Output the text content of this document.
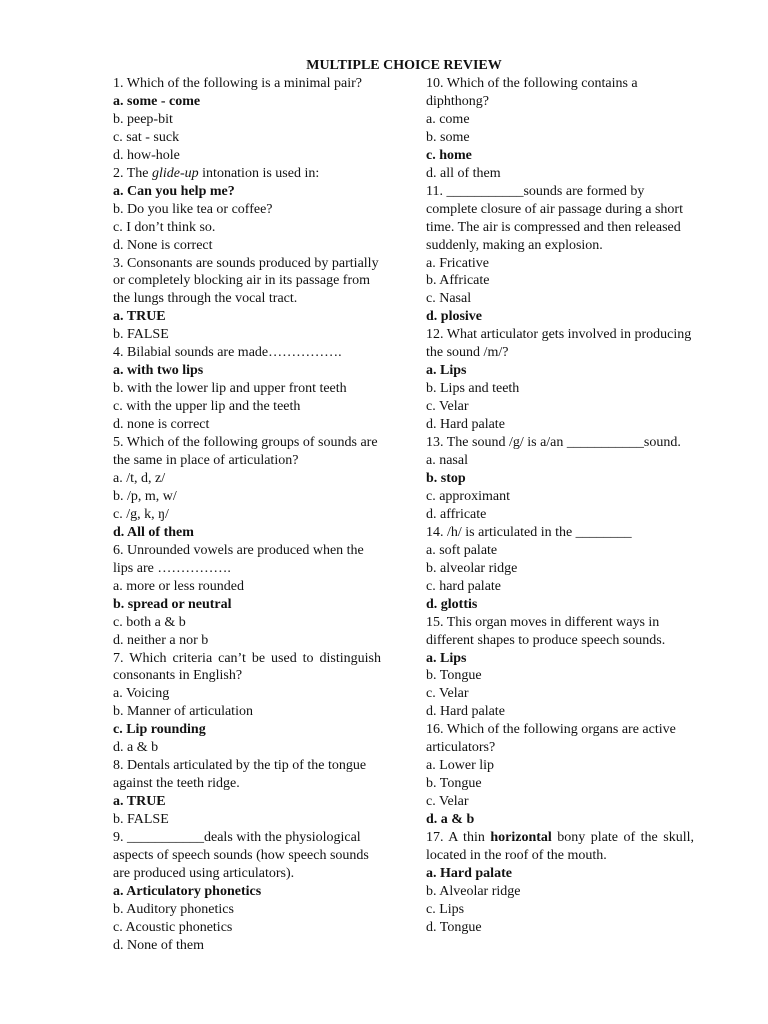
MULTIPLE CHOICE REVIEW

1. Which of the following is a minimal pair?

a. some - come

b. peep-bit

c. sat - suck

d. how-hole

2. The glide-up intonation is used in:

a. Can you help me?

b. Do you like tea or coffee?

c. I don’t think so.

d. None is correct

3. Consonants are sounds produced by partially or completely blocking air in its passage from the lungs through the vocal tract.

a. TRUE

b. FALSE

4. Bilabial sounds are made…………….

a. with two lips

b. with the lower lip and upper front teeth

c. with the upper lip and the teeth

d. none is correct

5. Which of the following groups of sounds are the same in place of articulation?

a. /t, d, z/

b. /p, m, w/

c. /g, k, ŋ/

d. All of them

6. Unrounded vowels are produced when the lips are …………….

a. more or less rounded

b. spread or neutral

c. both a & b

d. neither a nor b

7. Which criteria can’t be used to distinguish consonants in English?

a. Voicing

b. Manner of articulation

c. Lip rounding

d. a & b

8. Dentals articulated by the tip of the tongue against the teeth ridge.

a. TRUE

b. FALSE

9. ___________deals with the physiological aspects of speech sounds (how speech sounds are produced using articulators).

a. Articulatory phonetics

b. Auditory phonetics

c. Acoustic phonetics

d. None of them

10. Which of the following contains a diphthong?

a. come

b. some

c. home

d. all of them

11. ___________sounds are formed by complete closure of air passage during a short time. The air is compressed and then released suddenly, making an explosion.

a. Fricative

b. Affricate

c. Nasal

d. plosive

12. What articulator gets involved in producing the sound /m/?

a. Lips

b. Lips and teeth

c. Velar

d. Hard palate

13. The sound /g/ is a/an ___________sound.

a. nasal

b. stop

c. approximant

d. affricate

14. /h/ is articulated in the ________

a. soft palate

b. alveolar ridge

c. hard palate

d. glottis

15. This organ moves in different ways in different shapes to produce speech sounds.

a. Lips

b. Tongue

c. Velar

d. Hard palate

16. Which of the following organs are active articulators?

a. Lower lip

b. Tongue

c. Velar

d. a & b

17. A thin horizontal bony plate of the skull, located in the roof of the mouth.

a. Hard palate

b. Alveolar ridge

c. Lips

d. Tongue
